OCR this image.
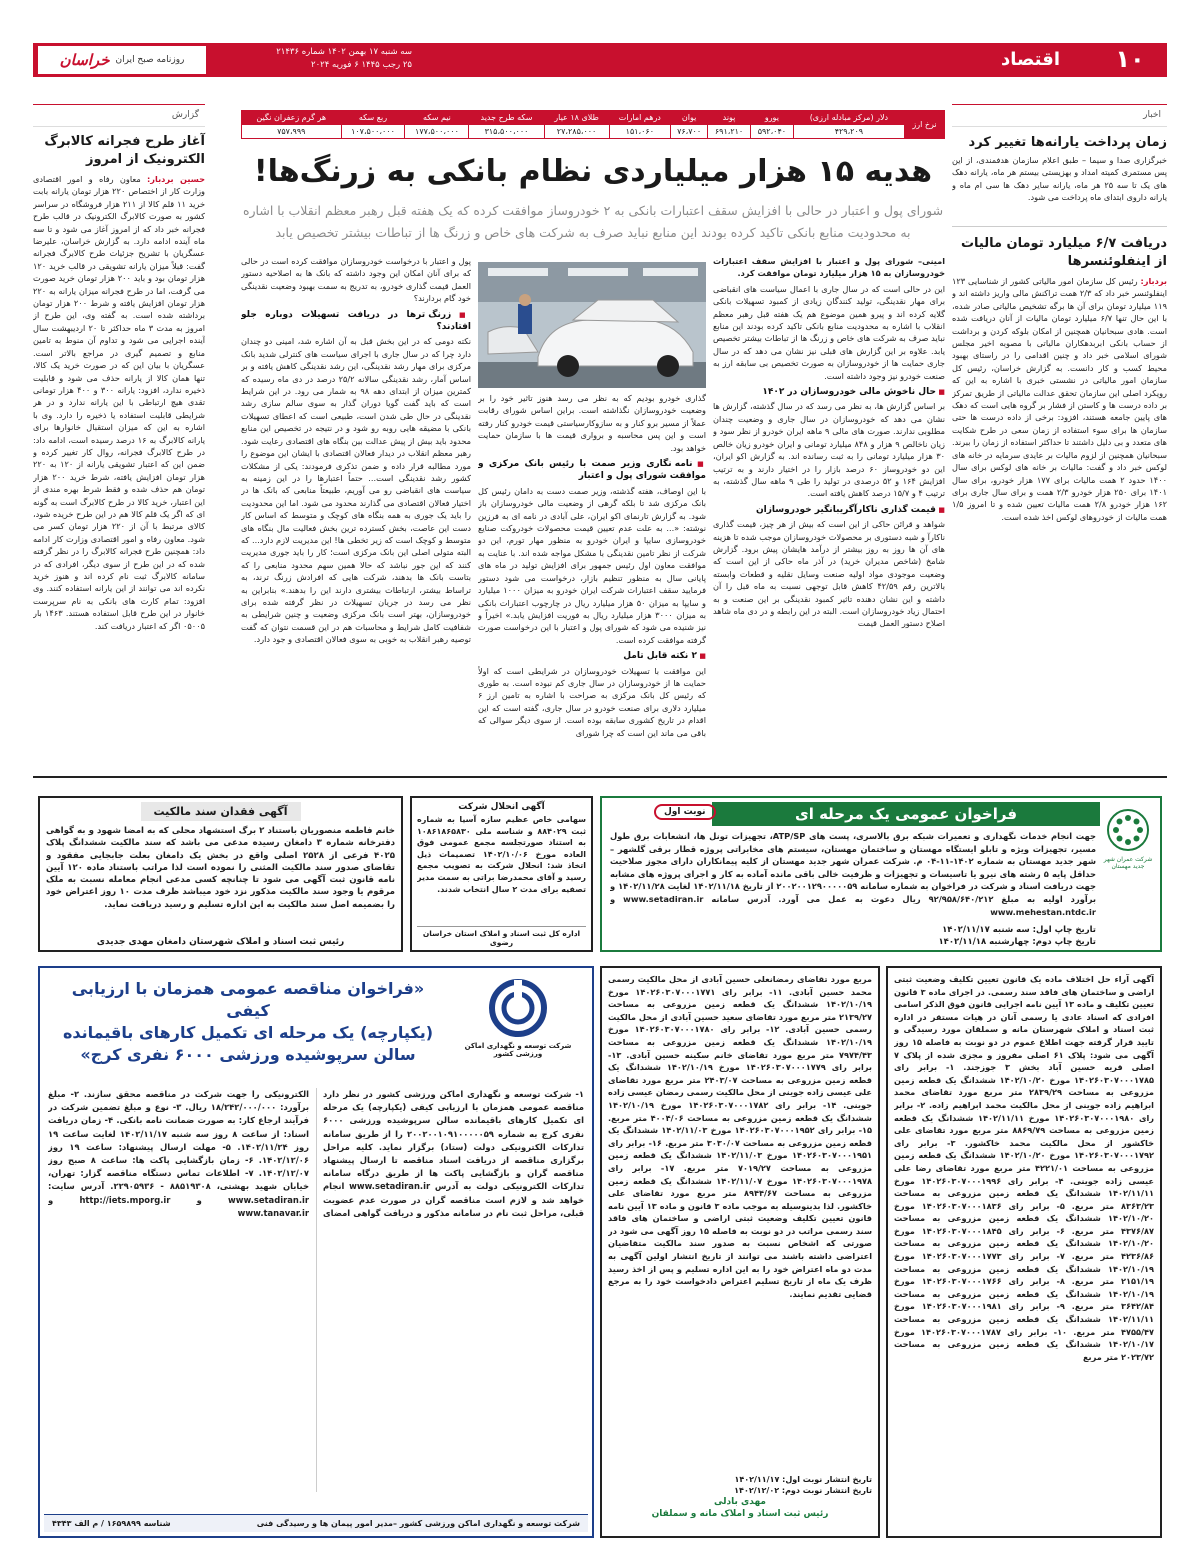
خراسان روزنامه صبح ایران
سه شنبه ۱۷ بهمن ۱۴۰۲ شماره ۲۱۴۳۶
۲۵ رجب ۱۴۴۵ ۶ فوریه ۲۰۲۴	اقتصاد	۱۰
گزارش
آغاز طرح فجرانه کالابرگ الکترونیک از امروز
حسین بردبار: معاون رفاه و امور اقتصادی وزارت کار از اختصاص ۲۲۰ هزار تومان یارانه بابت خرید ۱۱ قلم کالا از ۲۱۱ هزار فروشگاه در سراسر کشور به صورت کالابرگ الکترونیک در قالب طرح فجرانه خبر داد که از امروز آغاز می شود و تا سه ماه آینده ادامه دارد. به گزارش خراسان، علیرضا عسگریان با تشریح جزئیات طرح کالابرگ فجرانه گفت: قبلاً میزان یارانه تشویقی در قالب خرید ۱۲۰ هزار تومان بود و باید ۲۰۰ هزار تومان خرید صورت می گرفت، اما در طرح فجرانه میزان یارانه به ۲۲۰ هزار تومان افزایش یافته و شرط ۲۰۰ هزار تومان برداشته شده است. به گفته وی، این طرح از امروز به مدت ۳ ماه حداکثر تا ۲۰ اردیبهشت سال آینده اجرایی می شود و تداوم آن منوط به تامین منابع و تصمیم گیری در مراجع بالاتر است. عسگریان با بیان این که در صورت خرید یک کالا، تنها همان کالا از یارانه حذف می شود و قابلیت ذخیره ندارد، افزود: یارانه ۳۰۰ و ۴۰۰ هزار تومانی تقدی هیچ ارتباطی با این یارانه ندارد و در هر شرایطی قابلیت استفاده یا ذخیره را دارد. وی با اشاره به این که میزان استقبال خانوارها برای یارانه کالابرگ به ۱۶ درصد رسیده است، ادامه داد: در طرح کالابرگ فجرانه، روال کار تغییر کرده و ضمن این که اعتبار تشویقی یارانه از ۱۲۰ به ۲۲۰ هزار تومان افزایش یافته، شرط خرید ۲۰۰ هزار تومان هم حذف شده و فقط شرط بهره مندی از این اعتبار، خرید کالا در طرح کالابرگ است به گونه ای که اگر یک قلم کالا هم در این طرح خریده شود، کالای مرتبط با آن از ۲۲۰ هزار تومان کسر می شود. معاون رفاه و امور اقتصادی وزارت کار ادامه داد: همچنین طرح فجرانه کالابرگ را در نظر گرفته شده که در این طرح از سوی دیگر، افرادی که در سامانه کالابرگ ثبت نام کرده اند و هنوز خرید نکرده اند می توانند از این یارانه استفاده کنند. وی افزود: تمام کارت های بانکی به نام سرپرست خانوار در این طرح قابل استفاده هستند. ۱۴۶۳ بار ۰۵۰۰۵ اگر که اعتبار دریافت کند.
اخبار
زمان پرداخت یارانه‌ها تغییر کرد
خبرگزاری صدا و سیما – طبق اعلام سازمان هدفمندی، از این پس مستمری کمیته امداد و بهزیستی بیستم هر ماه، یارانه دهک های یک تا سه ۲۵ هر ماه، یارانه سایر دهک ها سی ام ماه و یارانه داروی ابتدای ماه پرداخت می شود.
دریافت ۶/۷ میلیارد تومان مالیات از اینفلوئنسرها
بردبار: رئیس کل سازمان امور مالیاتی کشور از شناسایی ۱۲۳ اینفلوئنسر خبر داد که ۲/۳ همت تراکنش مالی واریز داشته اند و ۱۱۹ میلیارد تومان برای آن ها برگه تشخیص مالیاتی صادر شده، با این حال تنها ۶/۷ میلیارد تومان مالیات از آنان دریافت شده است. هادی سبحانیان همچنین از امکان بلوکه کردن و برداشت از حساب بانکی ابربدهکاران مالیاتی با مصوبه اخیر مجلس شورای اسلامی خبر داد و چنین اقدامی را در راستای بهبود محیط کسب و کار دانست. به گزارش خراسان، رئیس کل سازمان امور مالیاتی در نشستی خبری با اشاره به این که رویکرد اصلی این سازمان تحقق عدالت مالیاتی از طریق تمرکز بر داده درست ها و کاستن از فشار بر گروه هایی است که دهک های پایین جامعه هستند، افزود: برخی از داده درست ها حتی سازمان ها برای سوء استفاده از زمان سعی در طرح شکایت های متعدد و بی دلیل داشتند تا حداکثر استفاده از زمان را ببرند. سبحانیان همچنین از لزوم مالیات بر عایدی سرمایه در خانه های لوکس خبر داد و گفت: مالیات بر خانه های لوکس برای سال ۱۴۰۰ حدود ۲ همت مالیات برای ۱۷۷ هزار خودرو، برای سال ۱۴۰۱ برای ۲۵۰ هزار خودرو ۲/۳ همت و برای سال جاری برای ۱۶۲ هزار خودرو ۲/۸ همت مالیات تعیین شده و تا امروز ۱/۵ همت مالیات از خودروهای لوکس اخذ شده است.
نرخ ارز	دلار (مرکز مبادله ارزی)	یورو	پوند	یوان	درهم امارات	طلای ۱۸ عیار	سکه طرح جدید	نیم سکه	ربع سکه	هر گرم زعفران نگین
	۴۲۹،۲۰۹	۵۹۲،۰۴۰	۶۹۱،۲۱۰	۷۶،۷۰۰	۱۵۱،۰۶۰	۲۷،۲۸۵،۰۰۰	۳۱۵،۵۰۰،۰۰۰	۱۷۷،۵۰۰،۰۰۰	۱۰۷،۵۰۰،۰۰۰	۷۵۷،۹۹۹
هدیه ۱۵ هزار میلیاردی نظام بانکی به زرنگ‌ها!
شورای پول و اعتبار در حالی با افزایش سقف اعتبارات بانکی به ۲ خودروساز موافقت کرده که یک هفته قبل رهبر معظم انقلاب با اشاره
به محدودیت منابع بانکی تاکید کرده بودند این منابع نباید صرف به شرکت های خاص و زرنگ ها از تباطات بیشتر تخصیص یابد

امینی– شورای پول و اعتبار با افزایش سقف اعتبارات خودروسازان به ۱۵ هزار میلیارد تومان موافقت کرد.

این در حالی است که در سال جاری با اعمال سیاست های انقباضی برای مهار نقدینگی، تولید کنندگان زیادی از کمبود تسهیلات بانکی گلایه کرده اند و پیرو همین موضوع هم یک هفته قبل رهبر معظم انقلاب با اشاره به محدودیت منابع بانکی تاکید کرده بودند این منابع نباید صرف به شرکت های خاص و زرنگ ها از تباطات بیشتر تخصیص یابد. علاوه بر این گزارش های قبلی نیز نشان می دهد که در سال جاری حمایت ها از خودروسازان به صورت تخصیص بی سابقه ارز به صنعت خودرو نیز وجود داشته است.

■ حال ناخوش مالی خودروسازان در ۱۴۰۲

بر اساس گزارش ها، به نظر می رسد که در سال گذشته، گزارش ها نشان می دهد که خودروسازان در سال جاری و وضعیت چندان مطلوبی ندارند. صورت های مالی ۹ ماهه ایران خودرو از نظر سود و زیان ناخالص ۹ هزار و ۸۴۸ میلیارد تومانی و ایران خودرو زیان خالص ۳۰ هزار میلیارد تومانی را به ثبت رسانده اند. به گزارش اکو ایران، این دو خودروساز ۶۰ درصد بازار را در اختیار دارند و به ترتیب افزایش ۱۶۴ و ۵۲ درصدی در تولید را طی ۹ ماهه سال گذشته، به ترتیب ۴ و ۱۵/۷ درصد کاهش یافته است.

■ قیمت گذاری ناکارآگریبانگیر خودروسازان

شواهد و قرائن حاکی از این است که بیش از هر چیز، قیمت گذاری ناکارآ و شبه دستوری بر محصولات خودروسازان موجب شده تا هزینه های آن ها روز به روز بیشتر از درآمد هایشان پیش برود. گزارش شامخ (شاخص مدیران خرید) در آذر ماه حاکی از این است که وضعیت موجودی مواد اولیه صنعت وسایل نقلیه و قطعات وابسته بالاترین رقم ۴۲/۵۹ کاهش قابل توجهی نسبت به ماه قبل را آن داشته و این نشان دهنده تاثیر کمبود نقدینگی بر این صنعت و به احتمال زیاد خودروسازان است. البته در این رابطه و در دی ماه شاهد اصلاح دستور العمل قیمت

گذاری خودرو بودیم که به نظر می رسد هنوز تاثیر خود را بر وضعیت خودروسازان نگذاشته است. براین اساس شورای رقابت عملاً از مسیر برو کنار و به سازوکارسیاستی قیمت خودرو کنار رفته است و این پس محاسبه و برواری قیمت ها با سازمان حمایت خواهد بود.

■ نامه نگاری وزیر صمت با رئیس بانک مرکزی و موافقت شورای پول و اعتبار

با این اوصاف، هفته گذشته، وزیر صمت دست به دامان رئیس کل بانک مرکزی شد تا بلکه گرهی از وضعیت مالی خودروسازان باز شود. به گزارش تارنمای اکو ایران، علی آبادی در نامه ای به فرزین نوشته: «... به علت عدم تعیین قیمت محصولات خودروکت صنایع خودروسازی سایپا و ایران خودرو به منظور مهار تورم، این دو شرکت از نظر تامین نقدینگی با مشکل مواجه شده اند. با عنایت به موافقت معاون اول رئیس جمهور برای افزایش تولید در ماه های پایانی سال به منظور تنظیم بازار، درخواست می شود دستور فرمایید سقف اعتبارات شرکت ایران خودرو به میزان ۱۰۰۰ میلیارد و سایپا به میزان ۵۰ هزار میلیارد ریال در چارچوب اعتبارات بانکی به میزان ۳۰۰۰ هزار میلیارد ریال به فوریت افزایش یابد.» اخیراً و نیز شنیده می شود که شورای پول و اعتبار با این درخواست صورت گرفته موافقت کرده است.

■ ۲ نکته قابل تامل

این موافقت با تسهیلات خودروسازان در شرایطی است که اولاً حمایت ها از خودروسازان در سال جاری کم نبوده است. به طوری که رئیس کل بانک مرکزی به صراحت با اشاره به تامین ارز ۶ میلیارد دلاری برای صنعت خودرو در سال جاری، گفته است که این اقدام در تاریخ کشوری سابقه بوده است. از سوی دیگر سوالی که باقی می ماند این است که چرا شورای

پول و اعتبار با درخواست خودروسازان موافقت کرده است در حالی که برای آنان امکان این وجود داشته که بانک ها به اصلاحیه دستور العمل قیمت گذاری خودرو، به تدریج به سمت بهبود وضعیت نقدینگی خود گام بردارند؟

■ زرنگ ترها در دریافت تسهیلات دوباره جلو افتادند؟

نکته دومی که در این بخش قبل به آن اشاره شد، امینی دو چندان دارد چرا که در سال جاری با اجرای سیاست های کنترلی شدید بانک مرکزی برای مهار رشد نقدینگی، این رشد نقدینگی کاهش یافته و بر اساس آمار، رشد نقدینگی سالانه ۲۵/۲ درصد در دی ماه رسیده که کمترین میزان از ابتدای دهه ۹۸ به شمار می رود. در این شرایط است که باید گفت گویا دوران گذار به سوی سالم سازی رشد نقدینگی در حال طی شدن است، طبیعی است که اعطای تسهیلات بانکی با مضیقه هایی روبه رو شود و در نتیجه در تخصیص این منابع محدود باید بیش از پیش عدالت بین بنگاه های اقتصادی رعایت شود. رهبر معظم انقلاب در دیدار فعالان اقتصادی با ایشان این موضوع را مورد مطالبه قرار داده و ضمن تذکری فرمودند: یکی از مشکلات کشور رشد نقدینگی است... حتماً اعتبارها را در این زمینه به سیاست های انقباضی رو می آوریم، طبیعتاً منابعی که بانک ها در اختیار فعالان اقتصادی می گذارند محدود می شود. اما این محدودیت را باید یک جوری به همه بنگاه های کوچک و متوسط که اساس کار دست این عاصت، بخش کسترده ترین بخش فعالیت مال بنگاه های متوسط و کوچک است که زیر تخطی ها! این مدیریت لازم دارد... که البته متولی اصلی این بانک مرکزی است؛ کار را باید جوری مدیریت کنند که این جور نباشد که حالا همین سهم محدود منابعی را که بتاست بانک ها بدهند، شرکت هایی که افرادش زرنگ ترند، به تراساط بیشتر، ارتباطات بیشتری دارند این را بدهند.» بنابراین به نظر می رسد در جریان تسهیلات در نظر گرفته شده برای خودروسازان، بهتر است بانک مرکزی وضعیت و چنین شرایطی به شفافیت کامل شرایط و محاسبات هم در این قسمت نتوان که گفت توصیه رهبر انقلاب به خوبی به سوی فعالان اقتصادی و جود دارد.

آگهی فقدان سند مالکیت
خانم فاطمه منصوریان باستناد ۲ برگ استشهاد محلی که به امضا شهود و به گواهی دفترخانه شماره ۳ دامغان رسیده مدعی می باشد که سند مالکیت ششدانگ پلاک ۴۰۲۵ فرعی از ۲۵۲۸ اصلی واقع در بخش یک دامغان بعلت جابجایی مفقود و تقاضای صدور سند مالکیت المثنی را نموده است لذا مراتب باستناد ماده ۱۲۰ آیین نامه قانون ثبت آگهی می شود تا چنانچه کسی مدعی انجام معامله نسبت به ملک مرقوم یا وجود سند مالکیت مذکور نزد خود میباشد ظرف مدت ۱۰ روز اعتراض خود را بضمیمه اصل سند مالکیت به این اداره تسلیم و رسید دریافت نماید.
رئیس ثبت اسناد و املاک شهرستان دامغان مهدی جدیدی
آگهی انحلال شرکت
سهامی خاص عظیم سازه آسیا به شماره ثبت ۸۸۴۰۲۹ و شناسه ملی ۱۰۸۶۱۸۶۵۸۳۰ به استناد صورتجلسه مجمع عمومی فوق العاده مورخ ۱۴۰۲/۱۰/۰۶ تصمیمات ذیل اتخاذ شد: انحلال شرکت به تصویب مجمع رسید و آقای محمدرضا براتی به سمت مدیر تصفیه برای مدت ۲ سال انتخاب شدند.
اداره کل ثبت اسناد و املاک استان خراسان رضوی
فراخوان عمومی یک مرحله ای
نوبت اول
شرکت عمران شهر جدید مهستان
جهت انجام خدمات نگهداری و تعمیرات شبکه برق بالاسری، پست های ATP/SP، تجهیزات تونل ها، انشعابات برق طول مسیر، تجهیزات ویژه و تابلو ایستگاه مهستان و ساختمان مهستان، سیستم های مخابراتی پروژه قطار برقی گلشهر – شهر جدید مهستان به شماره ۱۴۰۲-۱۱-۰۴ م. شرکت عمران شهر جدید مهستان از کلیه پیمانکاران دارای مجوز صلاحیت حداقل پایه ۵ رشته های نیرو یا تاسیسات و تجهیزات و ظرفیت خالی باقی مانده آماده به کار و اجرای پروژه های مشابه جهت دریافت اسناد و شرکت در فراخوان به شماره سامانه ۲۰۰۲۰۰۱۲۹۰۰۰۰۰۵۹ از تاریخ ۱۴۰۲/۱۱/۱۸ لغایت ۱۴۰۲/۱۱/۲۸ و برآورد اولیه به مبلغ ۹۲/۹۵۸/۶۴۰/۲۱۲ ریال دعوت به عمل می آورد. آدرس سامانه www.setadiran.ir و www.mehestan.ntdc.ir
تاریخ چاپ اول: سه شنبه ۱۴۰۲/۱۱/۱۷
تاریخ چاپ دوم: چهارشنبه ۱۴۰۲/۱۱/۱۸
«فراخوان مناقصه عمومی همزمان با ارزیابی کیفی
(یکپارچه) یک مرحله ای تکمیل کارهای باقیمانده
سالن سرپوشیده ورزشی ۶۰۰۰ نفری کرج»	شرکت توسعه و نگهداری اماکن ورزشی کشور
۱- شرکت توسعه و نگهداری اماکن ورزشی کشور در نظر دارد مناقصه عمومی همزمان با ارزیابی کیفی (یکپارچه) یک مرحله ای تکمیل کارهای باقیمانده سالن سرپوشیده ورزشی ۶۰۰۰ نفری کرج به شماره ۲۰۰۲۰۰۱۰۹۱۰۰۰۰۰۵۹ را از طریق سامانه تدارکات الکترونیکی دولت (ستاد) برگزار نماید. کلیه مراحل برگزاری مناقصه از دریافت اسناد مناقصه تا ارسال پیشنهاد مناقصه گران و بازگشایی پاکت ها از طریق درگاه سامانه تدارکات الکترونیکی دولت به آدرس www.setadiran.ir انجام خواهد شد و لازم است مناقصه گران در صورت عدم عضویت قبلی، مراحل ثبت نام در سامانه مذکور و دریافت گواهی امضای الکترونیکی را جهت شرکت در مناقصه محقق سازند. ۲- مبلغ برآورد: ۱۸/۲۴۲/۰۰۰/۰۰۰ ریال. ۳- نوع و مبلغ تضمین شرکت در فرآیند ارجاع کار: به صورت ضمانت نامه بانکی. ۴- زمان دریافت اسناد: از ساعت ۸ روز سه شنبه ۱۴۰۲/۱۱/۱۷ لغایت ساعت ۱۹ روز ۱۴۰۲/۱۱/۲۴. ۵- مهلت ارسال پیشنهاد: ساعت ۱۹ روز ۱۴۰۲/۱۲/۰۶. ۶- زمان بازگشایی پاکت ها: ساعت ۸ صبح روز ۱۴۰۲/۱۲/۰۷. ۷- اطلاعات تماس دستگاه مناقصه گزار: تهران، خیابان شهید بهشتی، ۸۸۵۱۹۳۰۸ - ۲۲۹۰۵۹۳۶. آدرس سایت: www.setadiran.ir و http://iets.mporg.ir و www.tanavar.ir
شرکت توسعه و نگهداری اماکن ورزشی کشور –مدیر امور پیمان ها و رسیدگی فنی
شناسه ۱۶۵۹۸۹۹ / م الف ۴۳۴۳
مربع مورد تقاضای رمضانعلی حسین آبادی از محل مالکیت رسمی محمد حسین آبادی. ۱۱- برابر رای ۱۴۰۲۶۰۳۰۷۰۰۰۱۷۷۱ مورخ ۱۴۰۲/۱۰/۱۹ ششدانگ یک قطعه زمین مزروعی به مساحت ۲۱۳۹/۲۷ متر مربع مورد تقاضای سعید حسین آبادی از محل مالکیت رسمی حسین آبادی. ۱۲- برابر رای ۱۴۰۲۶۰۳۰۷۰۰۰۱۷۸۰ مورخ ۱۴۰۲/۱۰/۱۹ ششدانگ یک قطعه زمین مزروعی به مساحت ۷۹۷۴/۴۳ متر مربع مورد تقاضای خانم سکینه حسین آبادی. ۱۳- برابر رای ۱۴۰۲۶۰۳۰۷۰۰۰۱۷۷۹ مورخ ۱۴۰۲/۱۰/۱۹ ششدانگ یک قطعه زمین مزروعی به مساحت ۲۴۰۳/۰۷ متر مربع مورد تقاضای علی عیسی زاده جوینی از محل مالکیت رسمی رمضان عیسی زاده جوینی. ۱۴- برابر رای ۱۴۰۲۶۰۳۰۷۰۰۰۱۷۸۲ مورخ ۱۴۰۲/۱۰/۱۹ ششدانگ یک قطعه زمین مزروعی به مساحت ۴۰۰۴/۰۶ متر مربع. ۱۵- برابر رای ۱۴۰۲۶۰۳۰۷۰۰۰۱۹۵۲ مورخ ۱۴۰۲/۱۱/۰۳ ششدانگ یک قطعه زمین مزروعی به مساحت ۳۰۳۰/۰۷ متر مربع. ۱۶- برابر رای ۱۴۰۲۶۰۳۰۷۰۰۰۱۹۵۱ مورخ ۱۴۰۲/۱۱/۰۳ ششدانگ یک قطعه زمین مزروعی به مساحت ۷۰۱۹/۲۷ متر مربع. ۱۷- برابر رای ۱۴۰۲۶۰۳۰۷۰۰۰۱۹۷۸ مورخ ۱۴۰۲/۱۱/۰۷ ششدانگ یک قطعه زمین مزروعی به مساحت ۸۹۴۴/۶۷ متر مربع مورد تقاضای علی خاکشور. لذا بدینوسیله به موجب ماده ۳ قانون و ماده ۱۳ آیین نامه قانون تعیین تکلیف وضعیت ثبتی اراضی و ساختمان های فاقد سند رسمی مراتب در دو نوبت به فاصله ۱۵ روز آگهی می شود در صورتی که اشخاص نسبت به صدور سند مالکیت متقاضیان اعتراضی داشته باشند می توانند از تاریخ انتشار اولین آگهی به مدت دو ماه اعتراض خود را به این اداره تسلیم و پس از اخذ رسید ظرف یک ماه از تاریخ تسلیم اعتراض دادخواست خود را به مرجع قضایی تقدیم نمایند.
تاریخ انتشار نوبت اول: ۱۴۰۲/۱۱/۱۷
تاریخ انتشار نوبت دوم: ۱۴۰۲/۱۲/۰۲
مهدی بادلی
رئیس ثبت اسناد و املاک مانه و سملقان
آگهی آراء حل اختلاف ماده یک قانون تعیین تکلیف وضعیت ثبتی اراضی و ساختمان های فاقد سند رسمی. در اجرای ماده ۳ قانون تعیین تکلیف و ماده ۱۳ آیین نامه اجرایی قانون فوق الذکر اسامی افرادی که اسناد عادی یا رسمی آنان در هیات مستقر در اداره ثبت اسناد و املاک شهرستان مانه و سملقان مورد رسیدگی و تایید قرار گرفته جهت اطلاع عموم در دو نوبت به فاصله ۱۵ روز آگهی می شود: پلاک ۶۱ اصلی مفروز و مجزی شده از پلاک ۷ اصلی قریه حسین آباد بخش ۳ جوزجند. ۱- برابر رای ۱۴۰۲۶۰۳۰۷۰۰۰۱۷۸۵ مورخ ۱۴۰۲/۱۰/۲۰ ششدانگ یک قطعه زمین مزروعی به مساحت ۲۸۳۹/۲۹ متر مربع مورد تقاضای محمد ابراهیم زاده جوینی از محل مالکیت محمد ابراهیم زاده. ۲- برابر رای ۱۴۰۲۶۰۳۰۷۰۰۰۱۹۸۰ مورخ ۱۴۰۲/۱۱/۱۱ ششدانگ یک قطعه زمین مزروعی به مساحت ۸۸۶۹/۷۹ متر مربع مورد تقاضای علی خاکشور از محل مالکیت محمد خاکشور. ۳- برابر رای ۱۴۰۲۶۰۳۰۷۰۰۰۱۷۹۲ مورخ ۱۴۰۲/۱۰/۲۰ ششدانگ یک قطعه زمین مزروعی به مساحت ۴۲۲۱/۰۱ متر مربع مورد تقاضای رضا علی عیسی زاده جوینی. ۴- برابر رای ۱۴۰۲۶۰۳۰۷۰۰۰۱۹۹۶ مورخ ۱۴۰۲/۱۱/۱۱ ششدانگ یک قطعه زمین مزروعی به مساحت ۸۳۶۳/۲۳ متر مربع. ۵- برابر رای ۱۴۰۲۶۰۳۰۷۰۰۰۱۸۳۶ مورخ ۱۴۰۲/۱۰/۲۰ ششدانگ یک قطعه زمین مزروعی به مساحت ۴۳۷۶/۸۷ متر مربع. ۶- برابر رای ۱۴۰۲۶۰۳۰۷۰۰۰۱۸۴۵ مورخ ۱۴۰۲/۱۰/۲۰ ششدانگ یک قطعه زمین مزروعی به مساحت ۴۲۳۶/۸۶ متر مربع. ۷- برابر رای ۱۴۰۲۶۰۳۰۷۰۰۰۱۷۷۳ مورخ ۱۴۰۲/۱۰/۱۹ ششدانگ یک قطعه زمین مزروعی به مساحت ۲۱۵۱/۱۹ متر مربع. ۸- برابر رای ۱۴۰۲۶۰۳۰۷۰۰۰۱۷۶۶ مورخ ۱۴۰۲/۱۰/۱۹ ششدانگ یک قطعه زمین مزروعی به مساحت ۳۶۴۲/۸۴ متر مربع. ۹- برابر رای ۱۴۰۲۶۰۳۰۷۰۰۰۱۹۸۱ مورخ ۱۴۰۲/۱۱/۱۱ ششدانگ یک قطعه زمین مزروعی به مساحت ۴۷۵۵/۴۷ متر مربع. ۱۰- برابر رای ۱۴۰۲۶۰۳۰۷۰۰۰۱۷۸۷ مورخ ۱۴۰۲/۱۰/۱۷ ششدانگ یک قطعه زمین مزروعی به مساحت ۲۰۲۳/۷۲ متر مربع
